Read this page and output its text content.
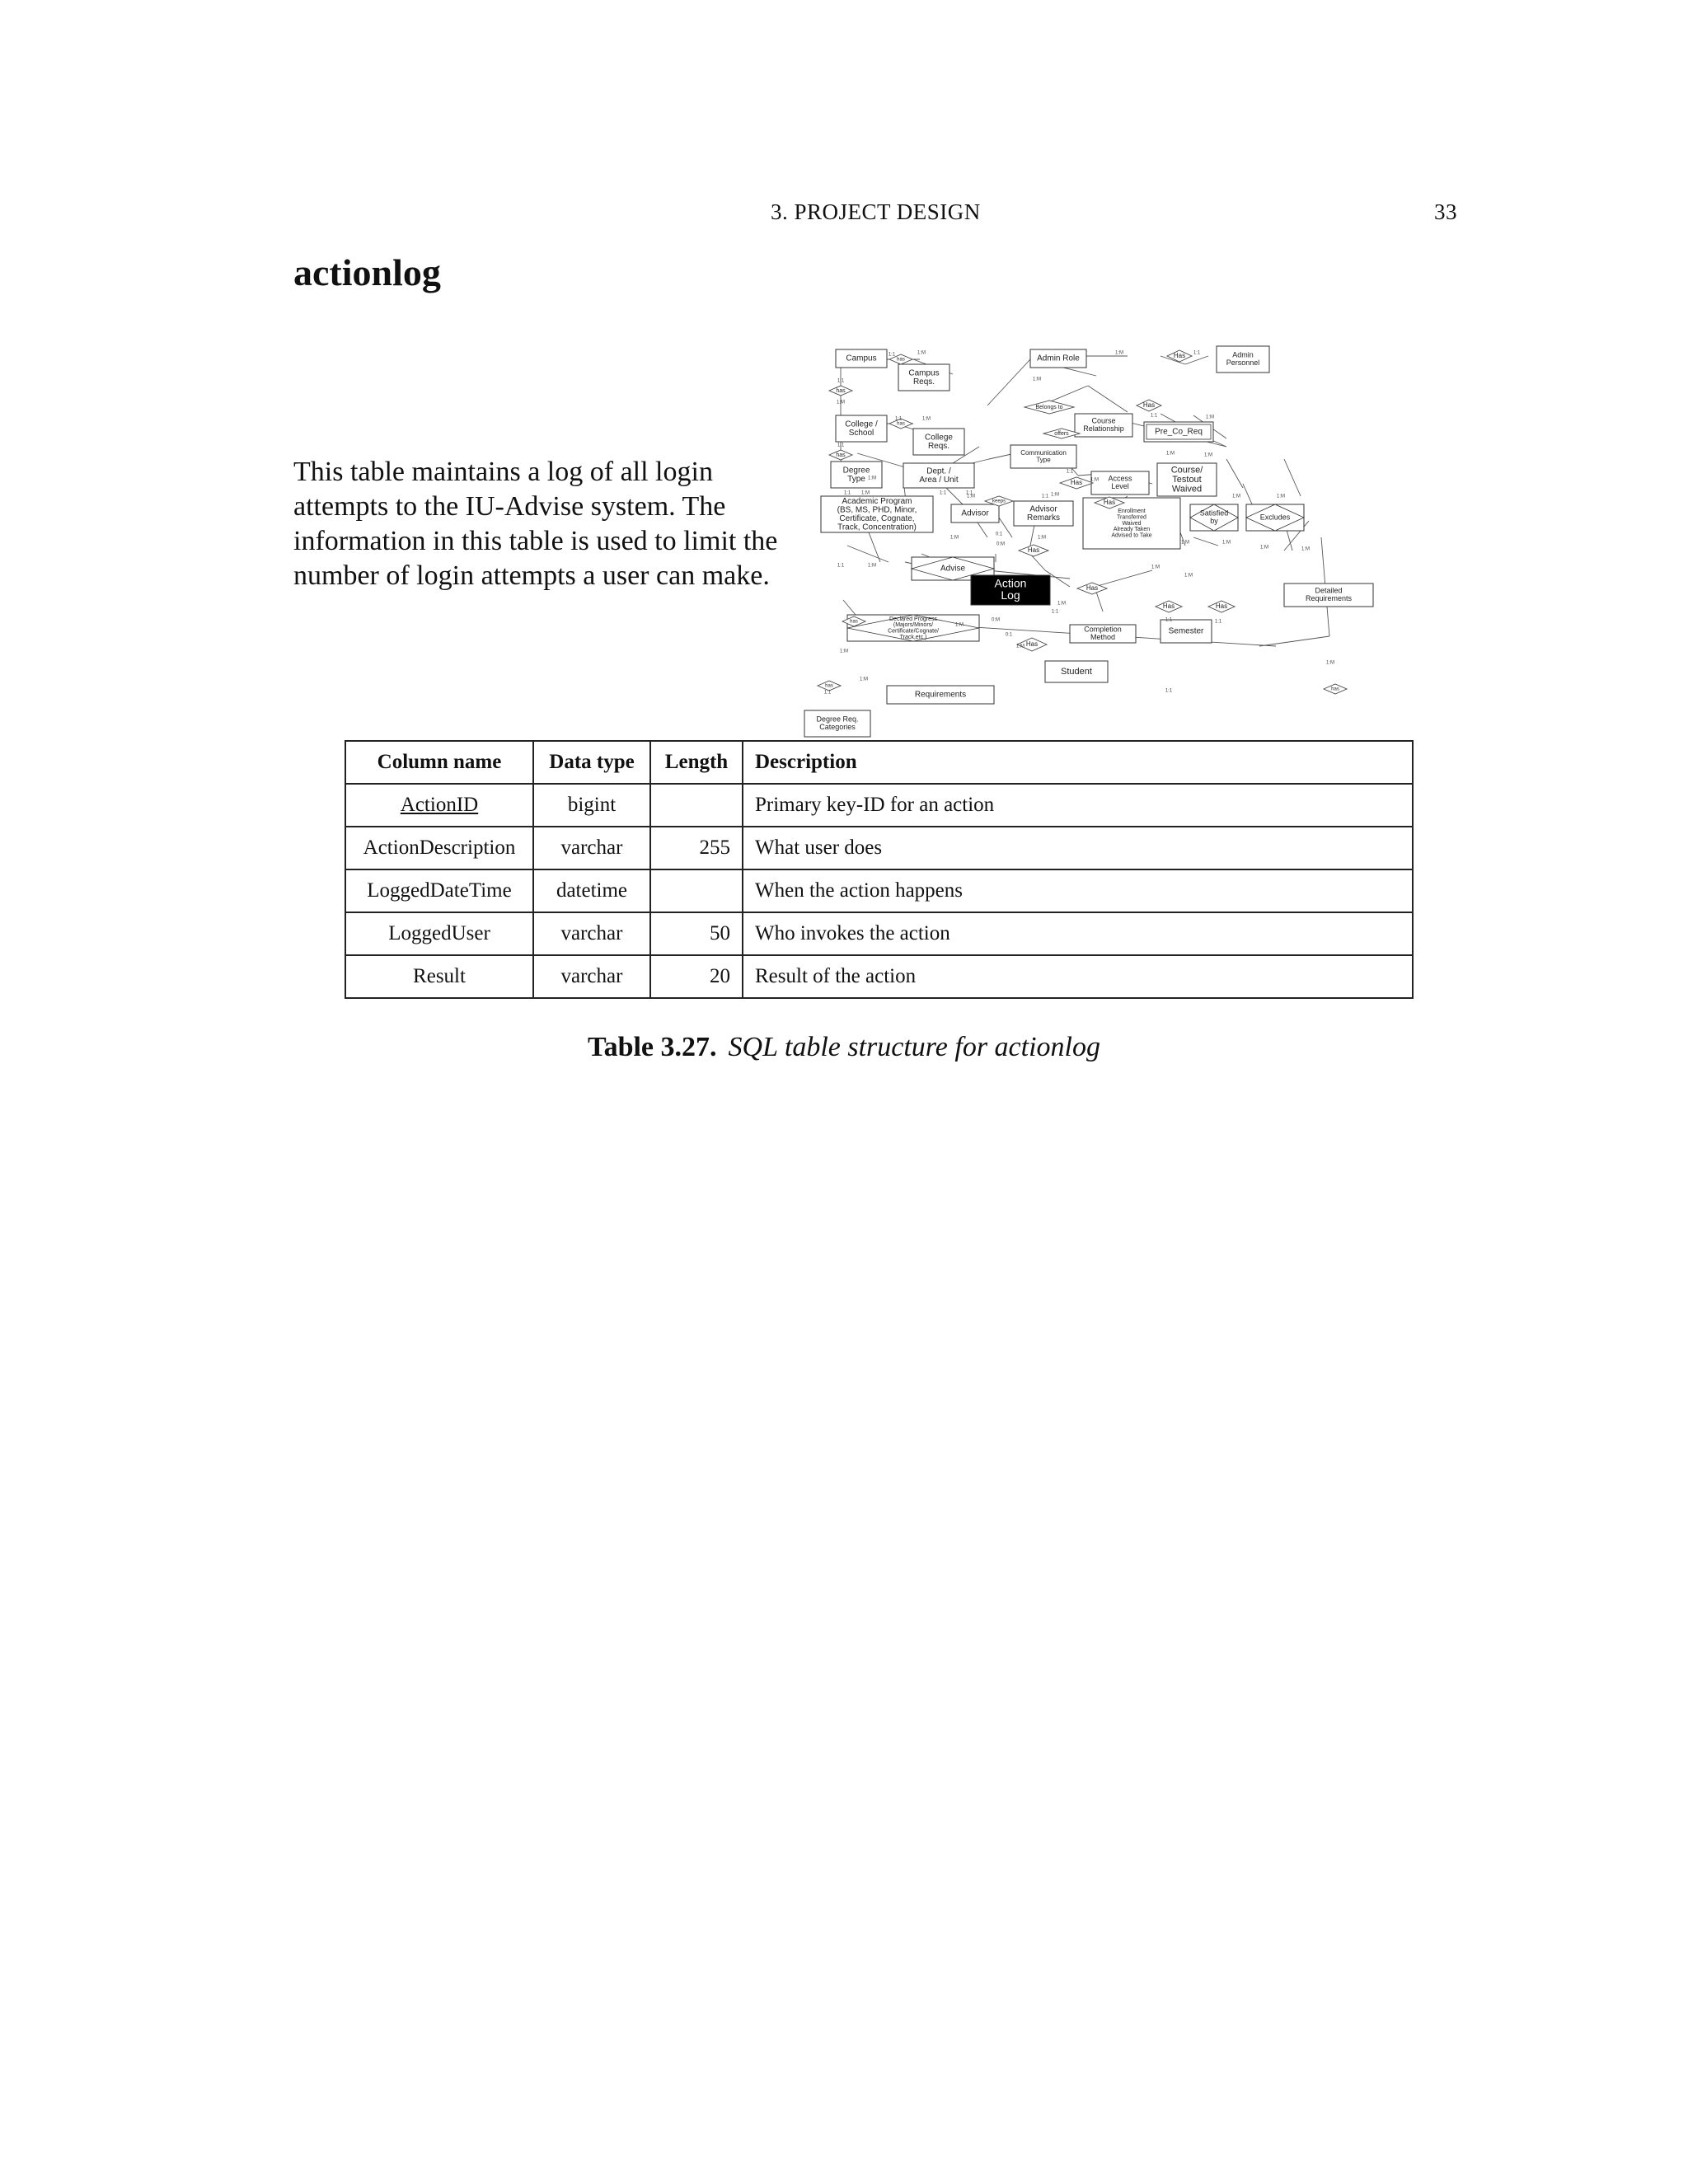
3. PROJECT DESIGN	33
actionlog

This table maintains a log of all login attempts to the IU-Advise system. The information in this table is used to limit the number of login attempts a user can make.

Campus
Campus
Reqs.
Admin Role	Admin
Personnel
College /
School	College
Reqs.
Course
Relationship	Pre_Co_Req
Communication
Type
Degree
Type
Dept. /
Area / Unit	Access
Level
Course/
Testout
Waived
Academic Program
(BS, MS, PHD, Minor,
Certificate, Cognate,
Track, Concentration)
Advisor	Advisor
Remarks
Enrollment
Transferred
Waived
Already Taken
Advised to Take
Satisfied
by	Excludes
Advise
Action
Log	Detailed
Requirements
Declared Progress
(Majors/Minors/
Certificate/Cognate/
Track,etc.)
Completion
Method
Semester
Student
Requirements
Degree Req.
Categories
has
has
has
has
Has
Has
Belongs to
offers
keeps
Has
Has
Has
Has
Has	Has
Has
has
has
has
1:1	1:M
1:1
1:M
1:M	1:1
1:M
1:1	1:M
1:1	1:M
1:1
1:M
1:1
1:M
1:M	1:M
1:1 1:M	1:1	1:1
1:M	1:1 1:M	1:M	1:M
1:M
0:1
0:M
1:M
1:M	1:M
1:M	1:M
1:1	1:M
0:M
0:1
1:M
1:M
1:M
1:1
1:M
1:M
1:1	1:1
1:M
1:M
1:1	1:1
1:M
Column name	Data type	Length	Description
ActionID	bigint		Primary key-ID for an action
ActionDescription	varchar	255	What user does
LoggedDateTime	datetime		When the action happens
LoggedUser	varchar	50	Who invokes the action
Result	varchar	20	Result of the action
Table 3.27. SQL table structure for actionlog
